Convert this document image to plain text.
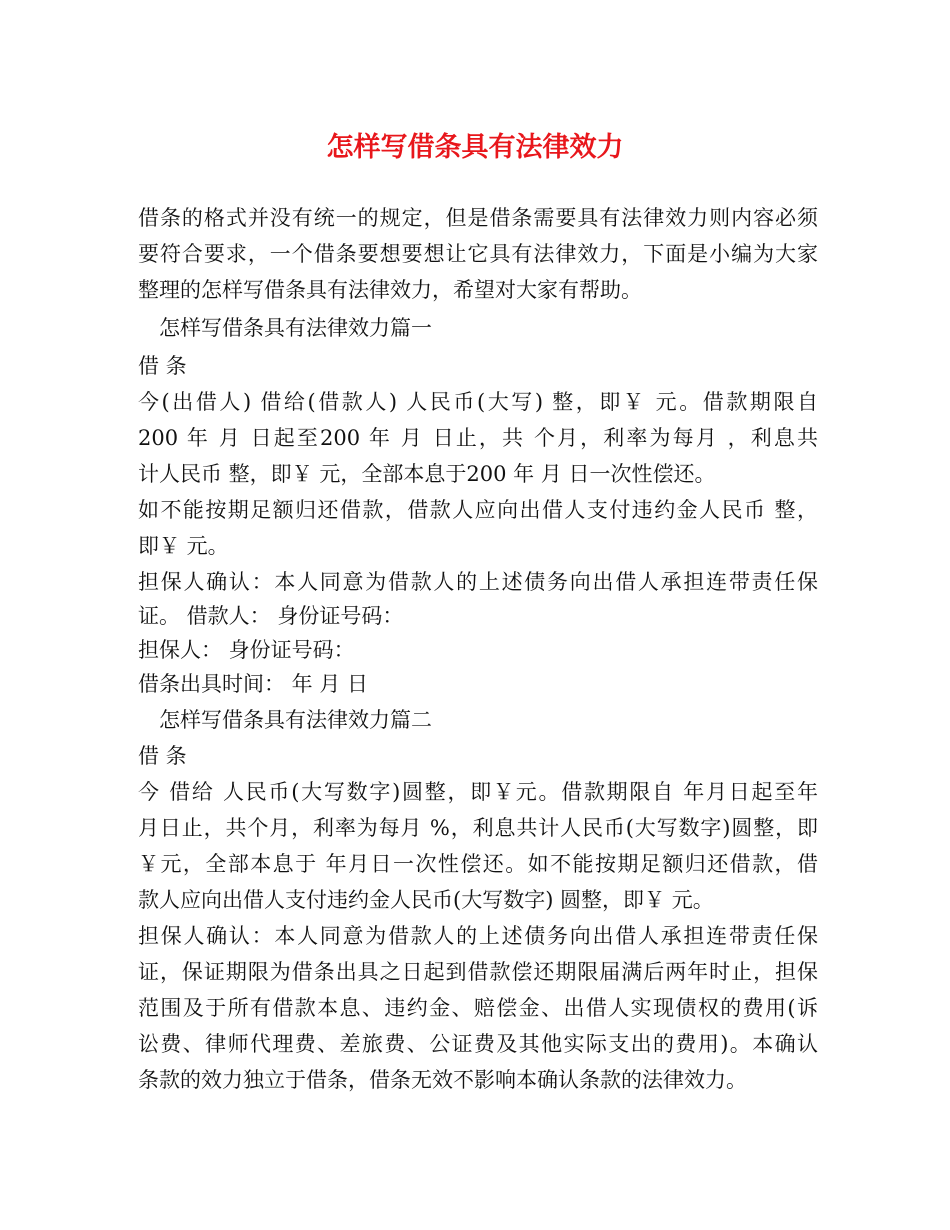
怎样写借条具有法律效力
借条的格式并没有统一的规定，但是借条需要具有法律效力则内容必须
要符合要求，一个借条要想要想让它具有法律效力，下面是小编为大家
整理的怎样写借条具有法律效力，希望对大家有帮助。
　怎样写借条具有法律效力篇一
借 条
今(出借人) 借给(借款人) 人民币(大写) 整，即￥ 元。借款期限自
200 年 月 日起至200 年 月 日止，共 个月，利率为每月 ，利息共
计人民币 整，即￥ 元，全部本息于200 年 月 日一次性偿还。
如不能按期足额归还借款，借款人应向出借人支付违约金人民币 整，
即￥ 元。
担保人确认：本人同意为借款人的上述债务向出借人承担连带责任保
证。 借款人： 身份证号码：
担保人： 身份证号码：
借条出具时间： 年 月 日
　怎样写借条具有法律效力篇二
借 条
今 借给 人民币(大写数字)圆整，即￥元。借款期限自 年月日起至年
月日止，共个月，利率为每月 %，利息共计人民币(大写数字)圆整，即
￥元，全部本息于 年月日一次性偿还。如不能按期足额归还借款，借
款人应向出借人支付违约金人民币(大写数字) 圆整，即￥ 元。
担保人确认：本人同意为借款人的上述债务向出借人承担连带责任保
证，保证期限为借条出具之日起到借款偿还期限届满后两年时止，担保
范围及于所有借款本息、违约金、赔偿金、出借人实现债权的费用(诉
讼费、律师代理费、差旅费、公证费及其他实际支出的费用)。本确认
条款的效力独立于借条，借条无效不影响本确认条款的法律效力。
